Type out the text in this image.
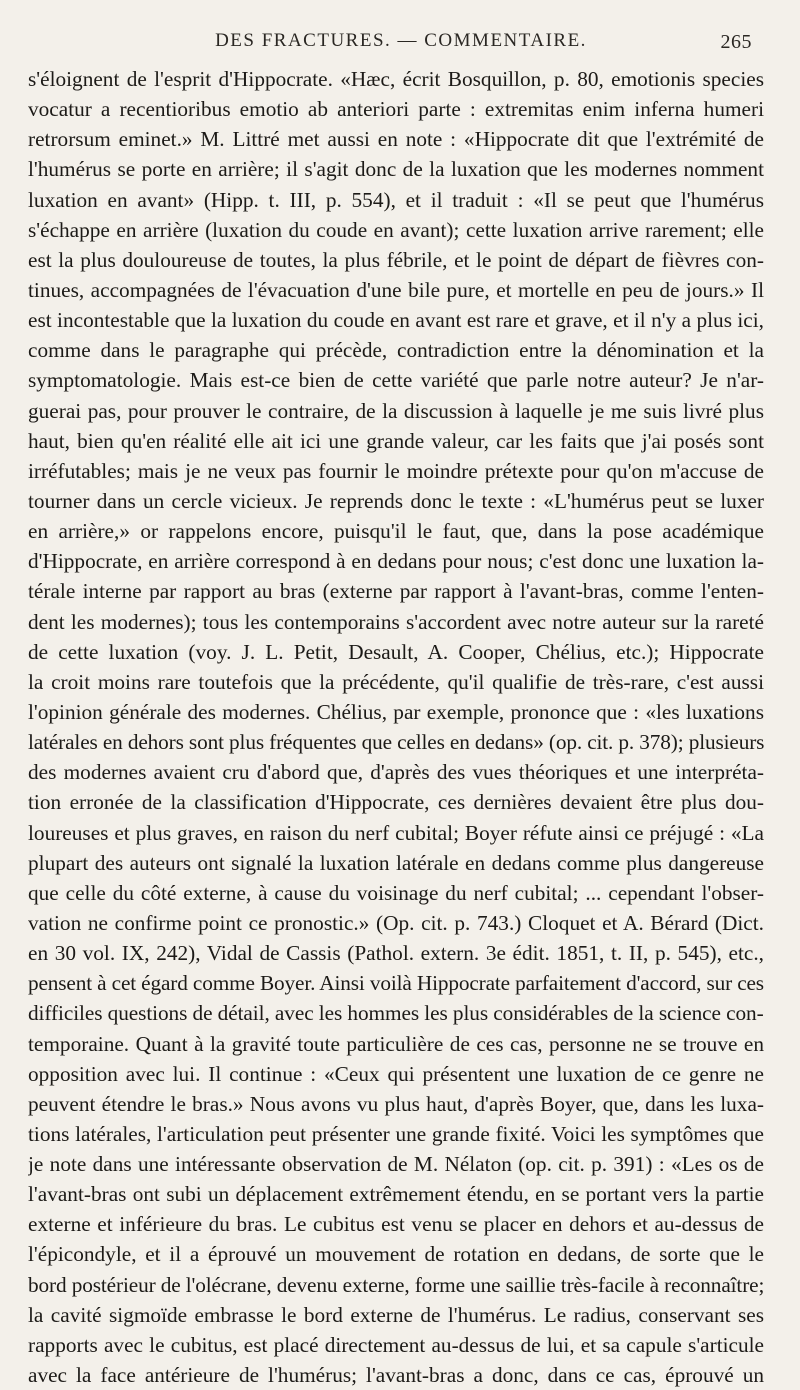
DES FRACTURES. — COMMENTAIRE.	265
s'éloignent de l'esprit d'Hippocrate. «Hæc, écrit Bosquillon, p. 80, emotionis species
vocatur a recentioribus emotio ab anteriori parte : extremitas enim inferna humeri
retrorsum eminet.» M. Littré met aussi en note : «Hippocrate dit que l'extrémité de
l'humérus se porte en arrière; il s'agit donc de la luxation que les modernes nomment
luxation en avant» (Hipp. t. III, p. 554), et il traduit : «Il se peut que l'humérus
s'échappe en arrière (luxation du coude en avant); cette luxation arrive rarement; elle
est la plus douloureuse de toutes, la plus fébrile, et le point de départ de fièvres con-
tinues, accompagnées de l'évacuation d'une bile pure, et mortelle en peu de jours.» Il
est incontestable que la luxation du coude en avant est rare et grave, et il n'y a plus ici,
comme dans le paragraphe qui précède, contradiction entre la dénomination et la
symptomatologie. Mais est-ce bien de cette variété que parle notre auteur? Je n'ar-
guerai pas, pour prouver le contraire, de la discussion à laquelle je me suis livré plus
haut, bien qu'en réalité elle ait ici une grande valeur, car les faits que j'ai posés sont
irréfutables; mais je ne veux pas fournir le moindre prétexte pour qu'on m'accuse de
tourner dans un cercle vicieux. Je reprends donc le texte : «L'humérus peut se luxer
en arrière,» or rappelons encore, puisqu'il le faut, que, dans la pose académique
d'Hippocrate, en arrière correspond à en dedans pour nous; c'est donc une luxation la-
térale interne par rapport au bras (externe par rapport à l'avant-bras, comme l'enten-
dent les modernes); tous les contemporains s'accordent avec notre auteur sur la rareté
de cette luxation (voy. J. L. Petit, Desault, A. Cooper, Chélius, etc.); Hippocrate
la croit moins rare toutefois que la précédente, qu'il qualifie de très-rare, c'est aussi
l'opinion générale des modernes. Chélius, par exemple, prononce que : «les luxations
latérales en dehors sont plus fréquentes que celles en dedans» (op. cit. p. 378); plusieurs
des modernes avaient cru d'abord que, d'après des vues théoriques et une interpréta-
tion erronée de la classification d'Hippocrate, ces dernières devaient être plus dou-
loureuses et plus graves, en raison du nerf cubital; Boyer réfute ainsi ce préjugé : «La
plupart des auteurs ont signalé la luxation latérale en dedans comme plus dangereuse
que celle du côté externe, à cause du voisinage du nerf cubital; ... cependant l'obser-
vation ne confirme point ce pronostic.» (Op. cit. p. 743.) Cloquet et A. Bérard (Dict.
en 30 vol. IX, 242), Vidal de Cassis (Pathol. extern. 3e édit. 1851, t. II, p. 545), etc.,
pensent à cet égard comme Boyer. Ainsi voilà Hippocrate parfaitement d'accord, sur ces
difficiles questions de détail, avec les hommes les plus considérables de la science con-
temporaine. Quant à la gravité toute particulière de ces cas, personne ne se trouve en
opposition avec lui. Il continue : «Ceux qui présentent une luxation de ce genre ne
peuvent étendre le bras.» Nous avons vu plus haut, d'après Boyer, que, dans les luxa-
tions latérales, l'articulation peut présenter une grande fixité. Voici les symptômes que
je note dans une intéressante observation de M. Nélaton (op. cit. p. 391) : «Les os de
l'avant-bras ont subi un déplacement extrêmement étendu, en se portant vers la partie
externe et inférieure du bras. Le cubitus est venu se placer en dehors et au-dessus de
l'épicondyle, et il a éprouvé un mouvement de rotation en dedans, de sorte que le
bord postérieur de l'olécrane, devenu externe, forme une saillie très-facile à reconnaître;
la cavité sigmoïde embrasse le bord externe de l'humérus. Le radius, conservant ses
rapports avec le cubitus, est placé directement au-dessus de lui, et sa capule s'articule
avec la face antérieure de l'humérus; l'avant-bras a donc, dans ce cas, éprouvé un
